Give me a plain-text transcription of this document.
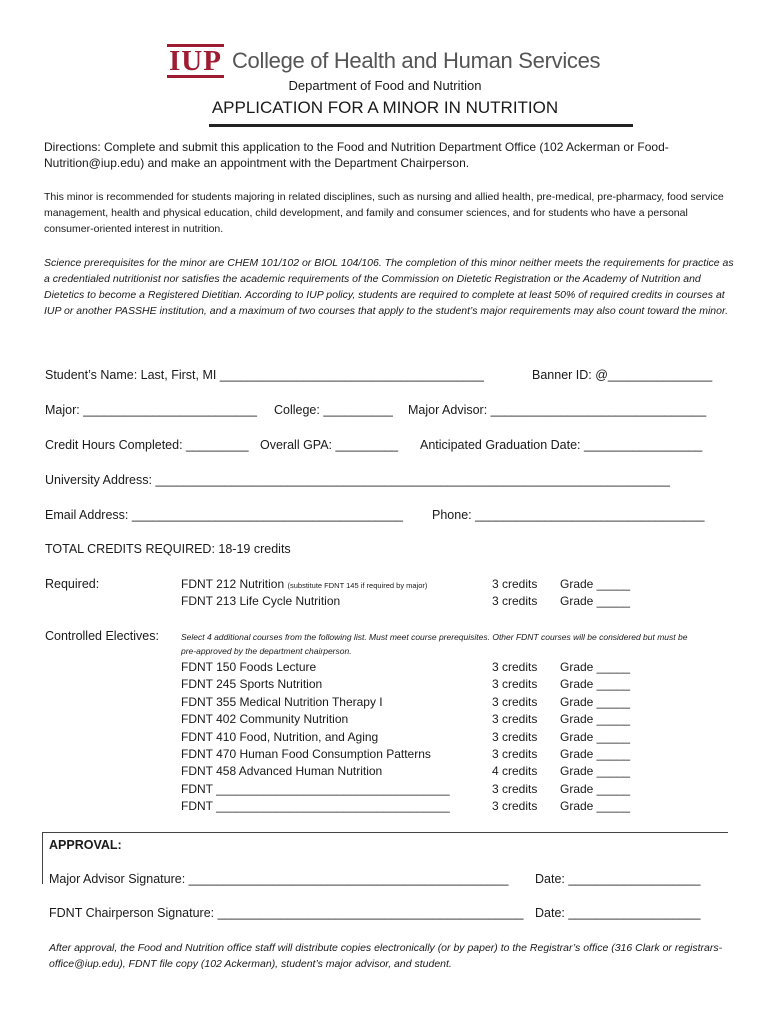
IUP College of Health and Human Services
Department of Food and Nutrition
APPLICATION FOR A MINOR IN NUTRITION
Directions: Complete and submit this application to the Food and Nutrition Department Office (102 Ackerman or Food-Nutrition@iup.edu) and make an appointment with the Department Chairperson.
This minor is recommended for students majoring in related disciplines, such as nursing and allied health, pre-medical, pre-pharmacy, food service management, health and physical education, child development, and family and consumer sciences, and for students who have a personal consumer-oriented interest in nutrition.
Science prerequisites for the minor are CHEM 101/102 or BIOL 104/106. The completion of this minor neither meets the requirements for practice as a credentialed nutritionist nor satisfies the academic requirements of the Commission on Dietetic Registration or the Academy of Nutrition and Dietetics to become a Registered Dietitian. According to IUP policy, students are required to complete at least 50% of required credits in courses at IUP or another PASSHE institution, and a maximum of two courses that apply to the student’s major requirements may also count toward the minor.
Student’s Name: Last, First, MI ______________________________________	Banner ID: @_______________
Major: _________________________ College: __________ Major Advisor: _______________________________
Credit Hours Completed: _________ Overall GPA: _________ Anticipated Graduation Date: _________________
University Address: __________________________________________________________________________
Email Address: _______________________________________ Phone: _________________________________
TOTAL CREDITS REQUIRED: 18-19 credits
Required:	FDNT 212 Nutrition (substitute FDNT 145 if required by major)	3 credits Grade _____
FDNT 213 Life Cycle Nutrition	3 credits Grade _____
Controlled Electives:	Select 4 additional courses from the following list. Must meet course prerequisites. Other FDNT courses will be considered but must be pre-approved by the department chairperson.
FDNT 150 Foods Lecture	3 credits Grade _____
FDNT 245 Sports Nutrition	3 credits Grade _____
FDNT 355 Medical Nutrition Therapy I	3 credits Grade _____
FDNT 402 Community Nutrition	3 credits Grade _____
FDNT 410 Food, Nutrition, and Aging	3 credits Grade _____
FDNT 470 Human Food Consumption Patterns	3 credits Grade _____
FDNT 458 Advanced Human Nutrition	4 credits Grade _____
FDNT ___________________________________	3 credits Grade _____
FDNT ___________________________________	3 credits Grade _____
APPROVAL:
Major Advisor Signature: ______________________________________________ Date: ___________________
FDNT Chairperson Signature: ____________________________________________ Date: ___________________
After approval, the Food and Nutrition office staff will distribute copies electronically (or by paper) to the Registrar’s office (316 Clark or registrars-office@iup.edu), FDNT file copy (102 Ackerman), student’s major advisor, and student.
